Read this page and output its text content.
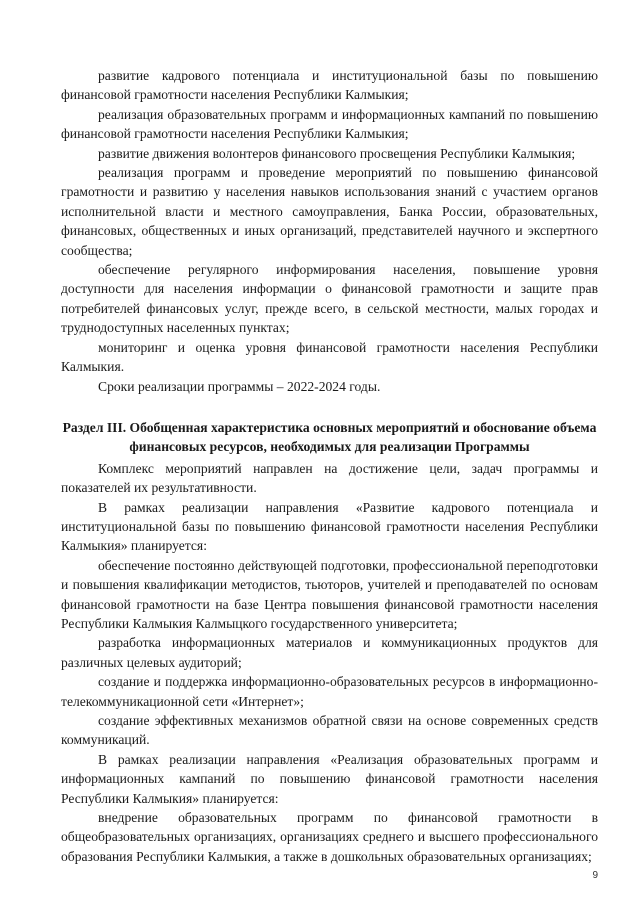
развитие кадрового потенциала и институциональной базы по повышению финансовой грамотности населения Республики Калмыкия;

реализация образовательных программ и информационных кампаний по повышению финансовой грамотности населения Республики Калмыкия;

развитие движения волонтеров финансового просвещения Республики Калмыкия;

реализация программ и проведение мероприятий по повышению финансовой грамотности и развитию у населения навыков использования знаний с участием органов исполнительной власти и местного самоуправления, Банка России, образовательных, финансовых, общественных и иных организаций, представителей научного и экспертного сообщества;

обеспечение регулярного информирования населения, повышение уровня доступности для населения информации о финансовой грамотности и защите прав потребителей финансовых услуг, прежде всего, в сельской местности, малых городах и труднодоступных населенных пунктах;

мониторинг и оценка уровня финансовой грамотности населения Республики Калмыкия.

Сроки реализации программы – 2022-2024 годы.

Раздел III. Обобщенная характеристика основных мероприятий и обоснование объема финансовых ресурсов, необходимых для реализации Программы

Комплекс мероприятий направлен на достижение цели, задач программы и показателей их результативности.

В рамках реализации направления «Развитие кадрового потенциала и институциональной базы по повышению финансовой грамотности населения Республики Калмыкия» планируется:

обеспечение постоянно действующей подготовки, профессиональной переподготовки и повышения квалификации методистов, тьюторов, учителей и преподавателей по основам финансовой грамотности на базе Центра повышения финансовой грамотности населения Республики Калмыкия Калмыцкого государственного университета;

разработка информационных материалов и коммуникационных продуктов для различных целевых аудиторий;

создание и поддержка информационно-образовательных ресурсов в информационно-телекоммуникационной сети «Интернет»;

создание эффективных механизмов обратной связи на основе современных средств коммуникаций.

В рамках реализации направления «Реализация образовательных программ и информационных кампаний по повышению финансовой грамотности населения Республики Калмыкия» планируется:

внедрение образовательных программ по финансовой грамотности в общеобразовательных организациях, организациях среднего и высшего профессионального образования Республики Калмыкия, а также в дошкольных образовательных организациях;

9
